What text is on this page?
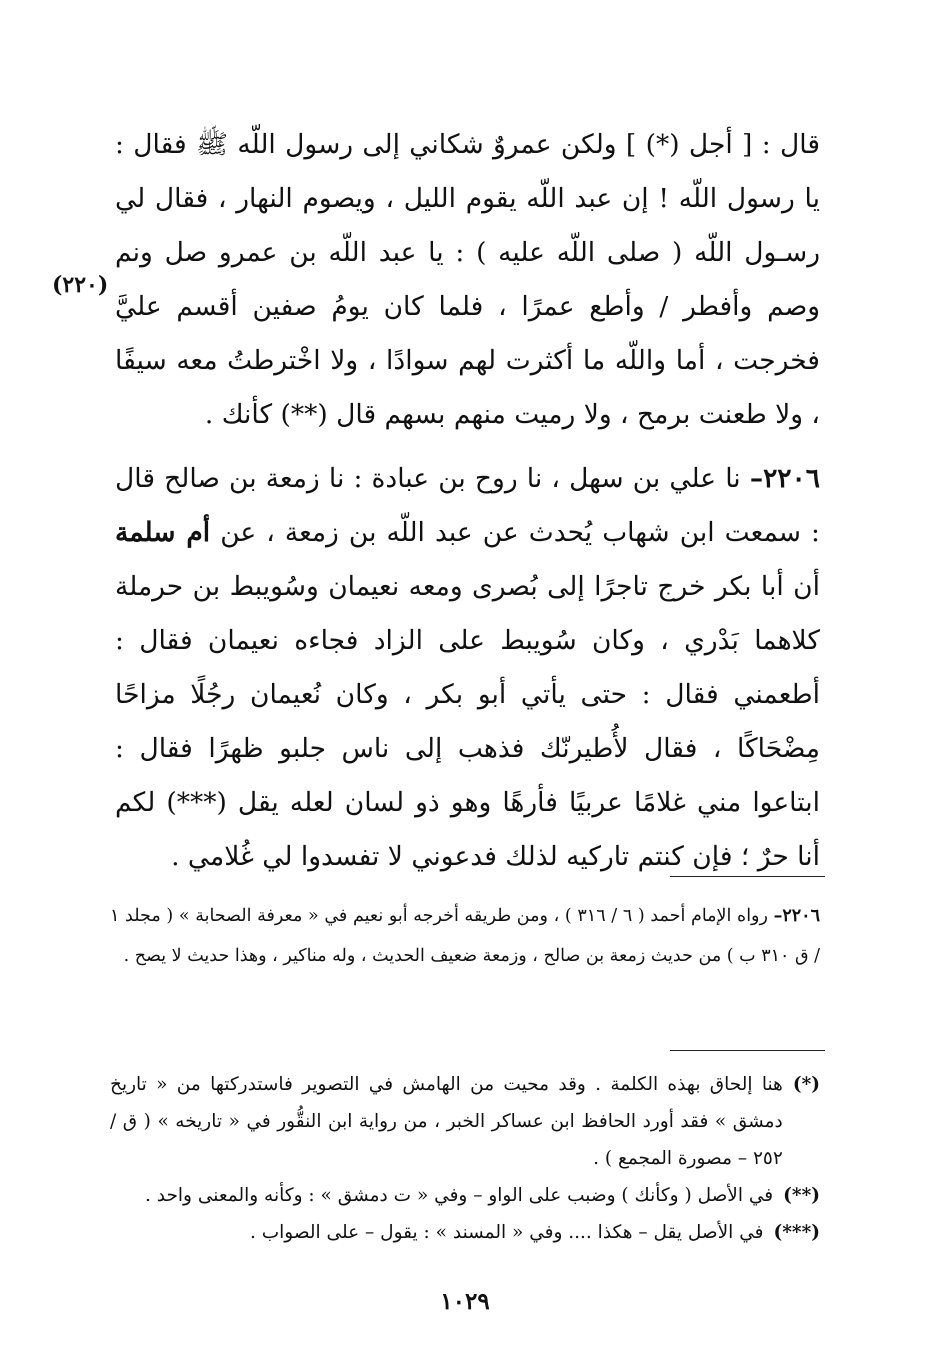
قال : [ أجل (*) ] ولكن عمروٌ شكاني إلى رسول اللّه ﷺ فقال : يا رسول اللّه ! إن عبد اللّه يقوم الليل ، ويصوم النهار ، فقال لي رسـول اللّه ( صلى اللّه عليه ) : يا عبد اللّه بن عمرو صل ونم وصم وأفطر / وأطع عمرًا ، فلما كان يومُ صفين أقسم عليَّ فخرجت ، أما واللّه ما أكثرت لهم سوادًا ، ولا اخْترطتُ معه سيفًا ، ولا طعنت برمح ، ولا رميت منهم بسهم قال (**) كأنك .

٢٢٠٦– نا علي بن سهل ، نا روح بن عبادة : نا زمعة بن صالح قال : سمعت ابن شهاب يُحدث عن عبد اللّه بن زمعة ، عن أم سلمة أن أبا بكر خرج تاجرًا إلى بُصرى ومعه نعيمان وسُويبط بن حرملة كلاهما بَدْري ، وكان سُويبط على الزاد فجاءه نعيمان فقال : أطعمني فقال : حتى يأتي أبو بكر ، وكان نُعيمان رجُلًا مزاحًا مِضْحَاكًا ، فقال لأُطيرنّك فذهب إلى ناس جلبو ظهرًا فقال : ابتاعوا مني غلامًا عربيًا فأرهًا وهو ذو لسان لعله يقل (***) لكم أنا حرٌ ؛ فإن كنتم تاركيه لذلك فدعوني لا تفسدوا لي غُلامي .

(٢٢٠)

٢٢٠٦– رواه الإمام أحمد ( ٦ / ٣١٦ ) ، ومن طريقه أخرجه أبو نعيم في « معرفة الصحابة » ( مجلد ١ / ق ٣١٠ ب ) من حديث زمعة بن صالح ، وزمعة ضعيف الحديث ، وله مناكير ، وهذا حديث لا يصح .

(*)
هنا إلحاق بهذه الكلمة . وقد محيت من الهامش في التصوير فاستدركتها من « تاريخ دمشق » فقد أورد الحافظ ابن عساكر الخبر ، من رواية ابن النقُّور في « تاريخه » ( ق / ٢٥٢ – مصورة المجمع ) .
(**)
في الأصل ( وكأنك ) وضبب على الواو – وفي « ت دمشق » : وكأنه والمعنى واحد .
(***)
في الأصل يقل – هكذا .... وفي « المسند » : يقول – على الصواب .
١٠٢٩
